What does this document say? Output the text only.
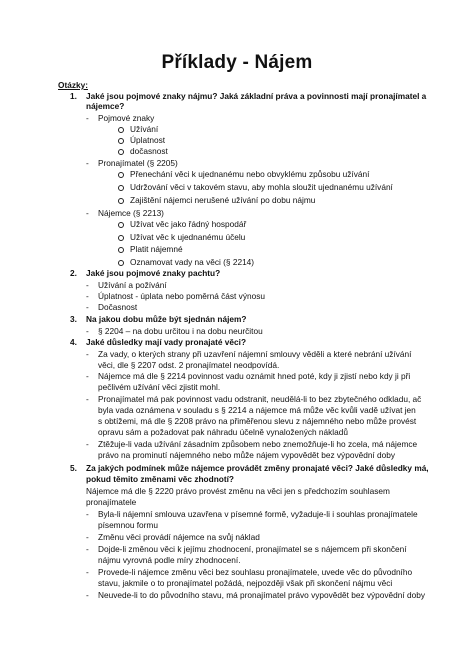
Příklady - Nájem
Otázky:
1. Jaké jsou pojmové znaky nájmu? Jaká základní práva a povinnosti mají pronajímatel a
nájemce?
- Pojmové znaky
Užívání
Úplatnost
dočasnost
- Pronajímatel (§ 2205)
Přenechání věci k ujednanému nebo obvyklému způsobu užívání
Udržování věci v takovém stavu, aby mohla sloužit ujednanému užívání
Zajištění nájemci nerušené užívání po dobu nájmu
- Nájemce (§ 2213)
Užívat věc jako řádný hospodář
Užívat věc k ujednanému účelu
Platit nájemné
Oznamovat vady na věci (§ 2214)
2. Jaké jsou pojmové znaky pachtu?
- Užívání a požívání
- Úplatnost - úplata nebo poměrná část výnosu
- Dočasnost
3. Na jakou dobu může být sjednán nájem?
- § 2204 – na dobu určitou i na dobu neurčitou
4. Jaké důsledky mají vady pronajaté věci?
- Za vady, o kterých strany při uzavření nájemní smlouvy věděli a které nebrání užívání
věci, dle § 2207 odst. 2 pronajímatel neodpovídá.
- Nájemce má dle § 2214 povinnost vadu oznámit hned poté, kdy ji zjistí nebo kdy ji při
pečlivém užívání věci zjistit mohl.
- Pronajímatel má pak povinnost vadu odstranit, neudělá-li to bez zbytečného odkladu, ač
byla vada oznámena v souladu s § 2214 a nájemce má může věc kvůli vadě užívat jen
s obtížemi, má dle § 2208 právo na přiměřenou slevu z nájemného nebo může provést
opravu sám a požadovat pak náhradu účelně vynaložených nákladů
- Ztěžuje-li vada užívání zásadním způsobem nebo znemožňuje-li ho zcela, má nájemce
právo na prominutí nájemného nebo může nájem vypovědět bez výpovědní doby
5. Za jakých podmínek může nájemce provádět změny pronajaté věci? Jaké důsledky má,
pokud těmito změnami věc zhodnotí?
Nájemce má dle § 2220 právo provést změnu na věci jen s předchozím souhlasem
pronajímatele
- Byla-li nájemní smlouva uzavřena v písemné formě, vyžaduje-li i souhlas pronajímatele
písemnou formu
- Změnu věci provádí nájemce na svůj náklad
- Dojde-li změnou věci k jejímu zhodnocení, pronajímatel se s nájemcem při skončení
nájmu vyrovná podle míry zhodnocení.
- Provede-li nájemce změnu věci bez souhlasu pronajímatele, uvede věc do původního
stavu, jakmile o to pronajímatel požádá, nejpozději však při skončení nájmu věci
- Neuvede-li to do původního stavu, má pronajímatel právo vypovědět bez výpovědní doby
